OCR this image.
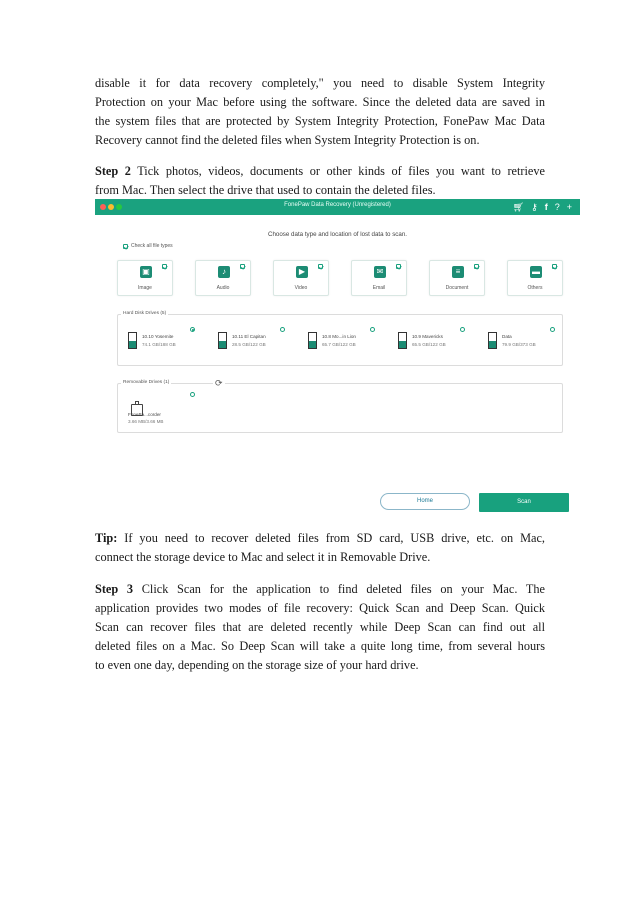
disable it for data recovery completely," you need to disable System Integrity
Protection on your Mac before using the software. Since the deleted data are saved in
the system files that are protected by System Integrity Protection, FonePaw Mac Data
Recovery cannot find the deleted files when System Integrity Protection is on.
Step 2 Tick photos, videos, documents or other kinds of files you want to retrieve
from Mac. Then select the drive that used to contain the deleted files.
FonePaw Data Recovery (Unregistered)	🛒︎ ⚷ f ? +
Choose data type and location of lost data to scan.
Check all file types
▣
Image
♪
Audio
▶
Video
✉
Email
≡
Document
▬
Others
Hard Disk Drives (5)
10.10 Yosemite
74.1 GB/188 GB
10.11 El Capitan
28.5 GB/122 GB
10.8 Mo...in Lion
65.7 GB/122 GB
10.9 Mavericks
65.5 GB/122 GB
Data
79.9 GB/373 GB
Removable Drives (1)	⟳
FonePa...corder
3.66 MB/3.66 MB
Home	Scan
Tip: If you need to recover deleted files from SD card, USB drive, etc. on Mac,
connect the storage device to Mac and select it in Removable Drive.
Step 3 Click Scan for the application to find deleted files on your Mac. The
application provides two modes of file recovery: Quick Scan and Deep Scan. Quick
Scan can recover files that are deleted recently while Deep Scan can find out all
deleted files on a Mac. So Deep Scan will take a quite long time, from several hours
to even one day, depending on the storage size of your hard drive.
